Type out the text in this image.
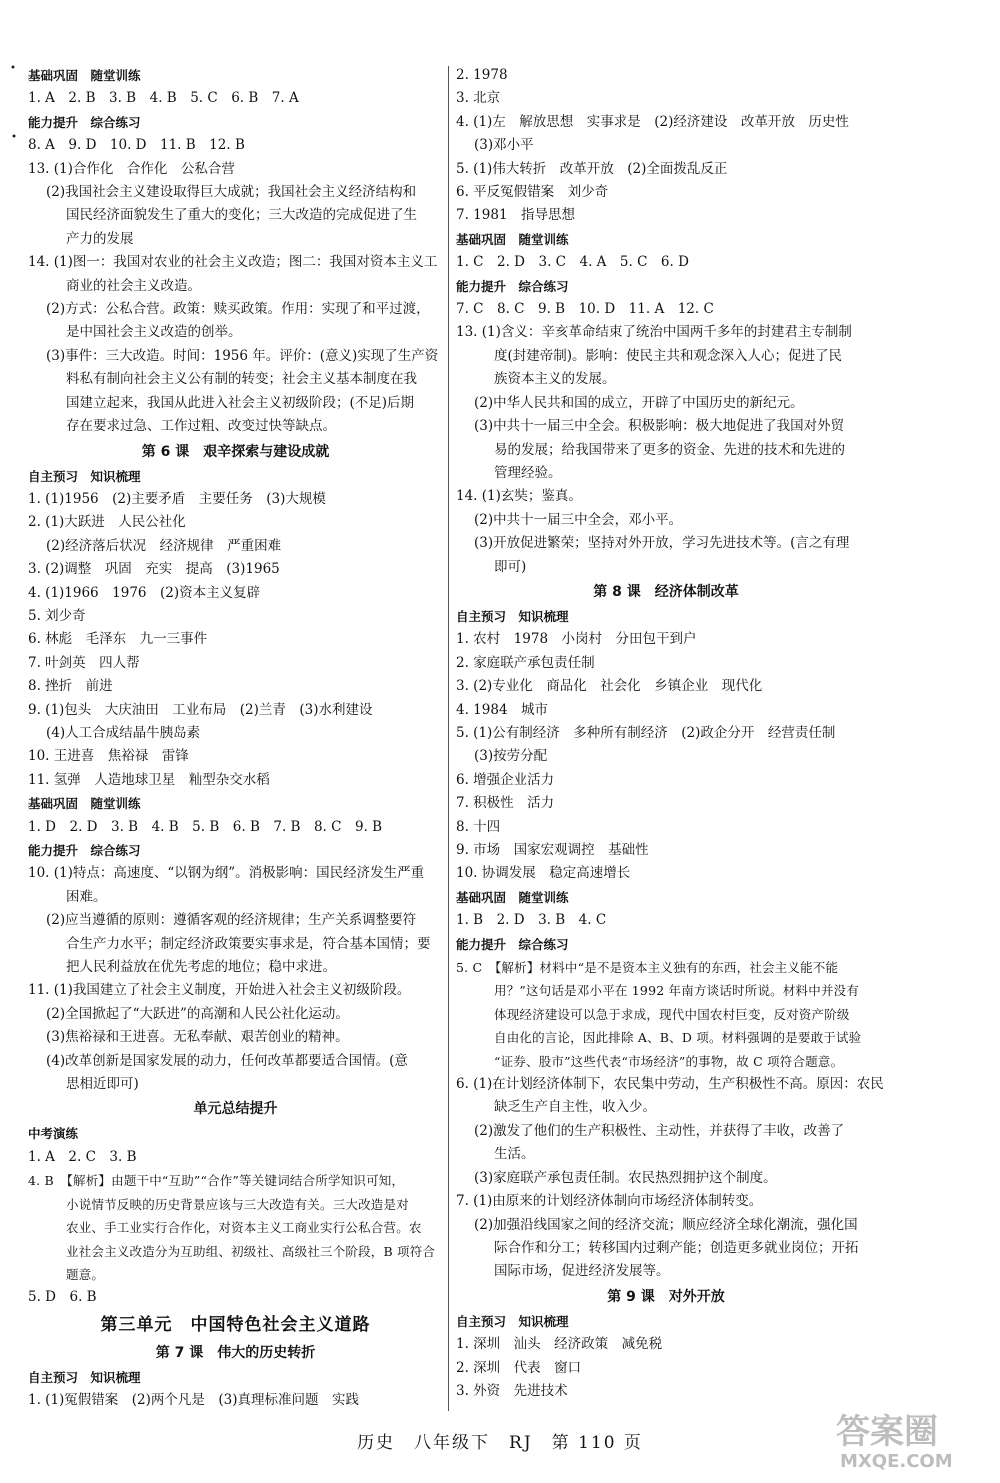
基础巩固　随堂训练
1. A　2. B　3. B　4. B　5. C　6. B　7. A
能力提升　综合练习
8. A　9. D　10. D　11. B　12. B
13. (1)合作化　合作化　公私合营
(2)我国社会主义建设取得巨大成就；我国社会主义经济结构和
国民经济面貌发生了重大的变化；三大改造的完成促进了生
产力的发展
14. (1)图一：我国对农业的社会主义改造；图二：我国对资本主义工
商业的社会主义改造。
(2)方式：公私合营。政策：赎买政策。作用：实现了和平过渡，
是中国社会主义改造的创举。
(3)事件：三大改造。时间：1956 年。评价：(意义)实现了生产资
料私有制向社会主义公有制的转变；社会主义基本制度在我
国建立起来，我国从此进入社会主义初级阶段；(不足)后期
存在要求过急、工作过粗、改变过快等缺点。
第 6 课　艰辛探索与建设成就
自主预习　知识梳理
1. (1)1956　(2)主要矛盾　主要任务　(3)大规模
2. (1)大跃进　人民公社化
(2)经济落后状况　经济规律　严重困难
3. (2)调整　巩固　充实　提高　(3)1965
4. (1)1966　1976　(2)资本主义复辟
5. 刘少奇
6. 林彪　毛泽东　九一三事件
7. 叶剑英　四人帮
8. 挫折　前进
9. (1)包头　大庆油田　工业布局　(2)兰青　(3)水利建设
(4)人工合成结晶牛胰岛素
10. 王进喜　焦裕禄　雷锋
11. 氢弹　人造地球卫星　籼型杂交水稻
基础巩固　随堂训练
1. D　2. D　3. B　4. B　5. B　6. B　7. B　8. C　9. B
能力提升　综合练习
10. (1)特点：高速度、“以钢为纲”。消极影响：国民经济发生严重
困难。
(2)应当遵循的原则：遵循客观的经济规律；生产关系调整要符
合生产力水平；制定经济政策要实事求是，符合基本国情；要
把人民利益放在优先考虑的地位；稳中求进。
11. (1)我国建立了社会主义制度，开始进入社会主义初级阶段。
(2)全国掀起了“大跃进”的高潮和人民公社化运动。
(3)焦裕禄和王进喜。无私奉献、艰苦创业的精神。
(4)改革创新是国家发展的动力，任何改革都要适合国情。(意
思相近即可)
单元总结提升
中考演练
1. A　2. C　3. B
4. B　【解析】由题干中“互助”“合作”等关键词结合所学知识可知，
小说情节反映的历史背景应该与三大改造有关。三大改造是对
农业、手工业实行合作化，对资本主义工商业实行公私合营。农
业社会主义改造分为互助组、初级社、高级社三个阶段，B 项符合
题意。
5. D　6. B
第三单元　中国特色社会主义道路
第 7 课　伟大的历史转折
自主预习　知识梳理
1. (1)冤假错案　(2)两个凡是　(3)真理标准问题　实践
2. 1978
3. 北京
4. (1)左　解放思想　实事求是　(2)经济建设　改革开放　历史性
(3)邓小平
5. (1)伟大转折　改革开放　(2)全面拨乱反正
6. 平反冤假错案　刘少奇
7. 1981　指导思想
基础巩固　随堂训练
1. C　2. D　3. C　4. A　5. C　6. D
能力提升　综合练习
7. C　8. C　9. B　10. D　11. A　12. C
13. (1)含义：辛亥革命结束了统治中国两千多年的封建君主专制制
度(封建帝制)。影响：使民主共和观念深入人心；促进了民
族资本主义的发展。
(2)中华人民共和国的成立，开辟了中国历史的新纪元。
(3)中共十一届三中全会。积极影响：极大地促进了我国对外贸
易的发展；给我国带来了更多的资金、先进的技术和先进的
管理经验。
14. (1)玄奘；鉴真。
(2)中共十一届三中全会，邓小平。
(3)开放促进繁荣；坚持对外开放，学习先进技术等。(言之有理
即可)
第 8 课　经济体制改革
自主预习　知识梳理
1. 农村　1978　小岗村　分田包干到户
2. 家庭联产承包责任制
3. (2)专业化　商品化　社会化　乡镇企业　现代化
4. 1984　城市
5. (1)公有制经济　多种所有制经济　(2)政企分开　经营责任制
(3)按劳分配
6. 增强企业活力
7. 积极性　活力
8. 十四
9. 市场　国家宏观调控　基础性
10. 协调发展　稳定高速增长
基础巩固　随堂训练
1. B　2. D　3. B　4. C
能力提升　综合练习
5. C　【解析】材料中“是不是资本主义独有的东西，社会主义能不能
用？”这句话是邓小平在 1992 年南方谈话时所说。材料中并没有
体现经济建设可以急于求成，现代中国农村巨变，反对资产阶级
自由化的言论，因此排除 A、B、D 项。材料强调的是要敢于试验
“证券、股市”这些代表“市场经济”的事物，故 C 项符合题意。
6. (1)在计划经济体制下，农民集中劳动，生产积极性不高。原因：农民
缺乏生产自主性，收入少。
(2)激发了他们的生产积极性、主动性，并获得了丰收，改善了
生活。
(3)家庭联产承包责任制。农民热烈拥护这个制度。
7. (1)由原来的计划经济体制向市场经济体制转变。
(2)加强沿线国家之间的经济交流；顺应经济全球化潮流，强化国
际合作和分工；转移国内过剩产能；创造更多就业岗位；开拓
国际市场，促进经济发展等。
第 9 课　对外开放
自主预习　知识梳理
1. 深圳　汕头　经济政策　减免税
2. 深圳　代表　窗口
3. 外资　先进技术
历史　八年级下　RJ　第 110 页	答案圈
MXQE.COM
